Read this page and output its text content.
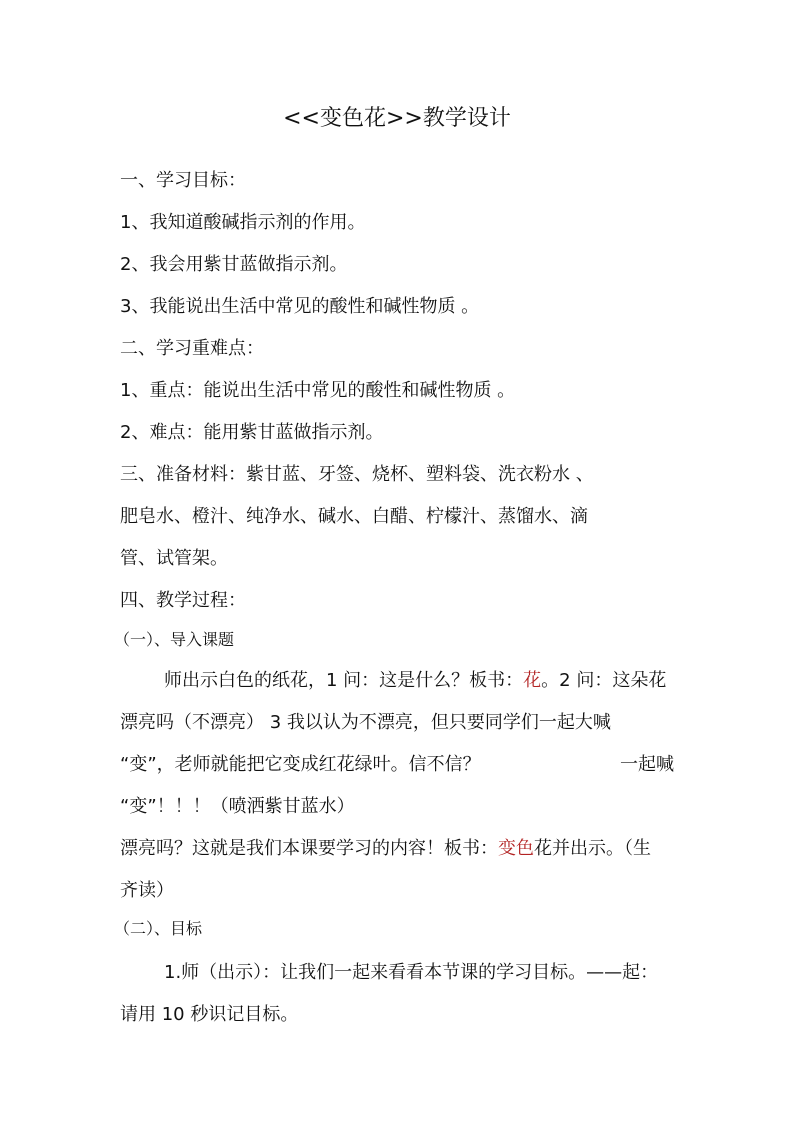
<<变色花>>教学设计
一、学习目标：
1、我知道酸碱指示剂的作用。
2、我会用紫甘蓝做指示剂。
3、我能说出生活中常见的酸性和碱性物质 。
二、学习重难点：
1、重点：能说出生活中常见的酸性和碱性物质 。
2、难点：能用紫甘蓝做指示剂。
三、准备材料：紫甘蓝、牙签、烧杯、塑料袋、洗衣粉水 、
肥皂水、橙汁、纯净水、碱水、白醋、柠檬汁、蒸馏水、滴
管、试管架。
四、教学过程：
（一）、导入课题
师出示白色的纸花，1 问：这是什么？板书：花。2 问：这朵花
漂亮吗（不漂亮） 3 我以认为不漂亮，但只要同学们一起大喊
“变”，老师就能把它变成红花绿叶。信不信？	一起喊
“变”！！！（喷洒紫甘蓝水）
漂亮吗？这就是我们本课要学习的内容！板书：变色花并出示。（生
齐读）
（二）、目标
1.师（出示）：让我们一起来看看本节课的学习目标。——起：
请用 10 秒识记目标。
